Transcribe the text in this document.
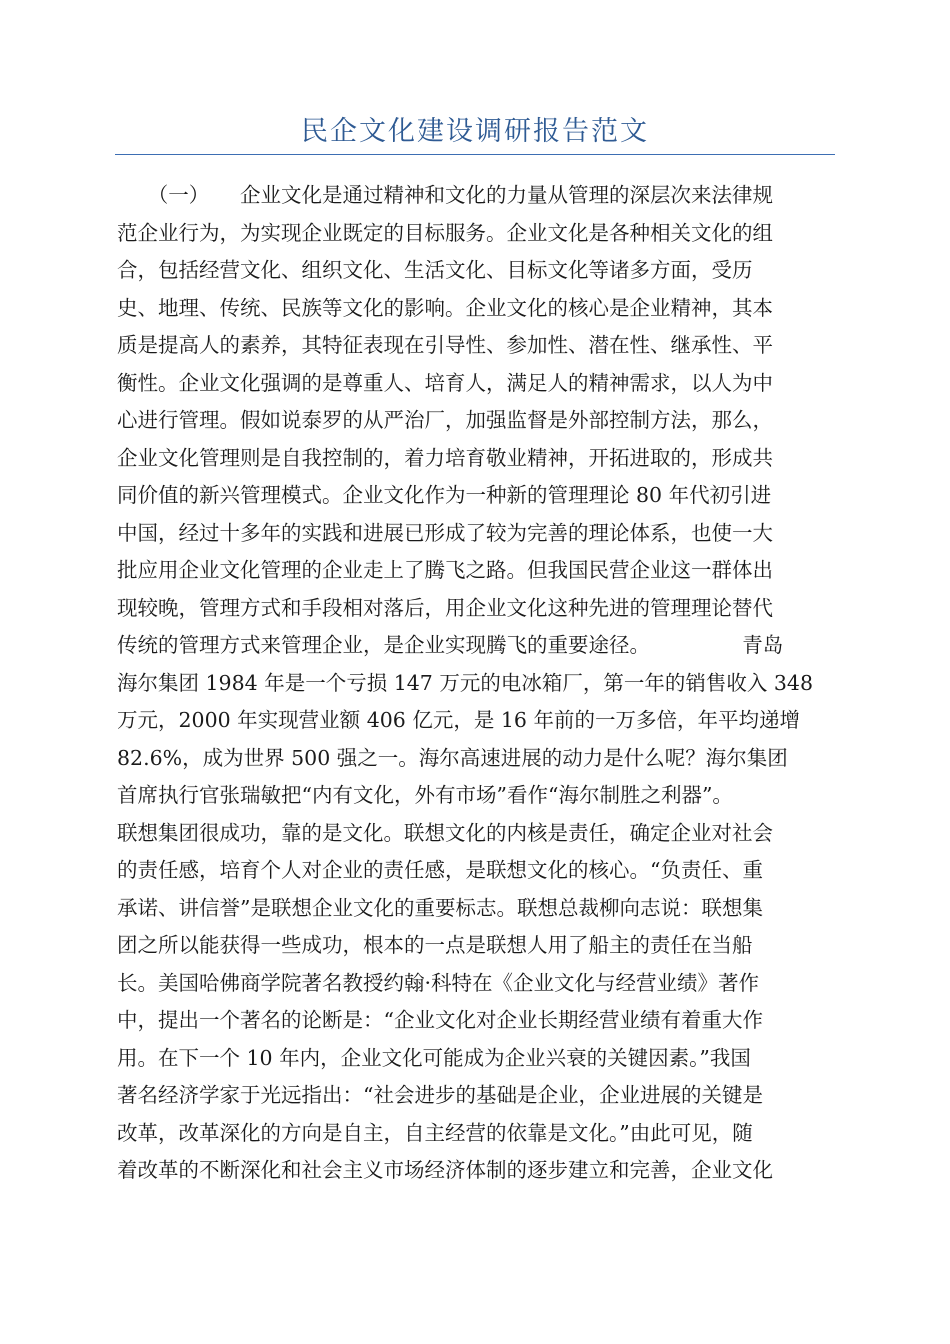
民企文化建设调研报告范文
　　（一）　　企业文化是通过精神和文化的力量从管理的深层次来法律规
范企业行为，为实现企业既定的目标服务。企业文化是各种相关文化的组
合，包括经营文化、组织文化、生活文化、目标文化等诸多方面，受历
史、地理、传统、民族等文化的影响。企业文化的核心是企业精神，其本
质是提高人的素养，其特征表现在引导性、参加性、潜在性、继承性、平
衡性。企业文化强调的是尊重人、培育人，满足人的精神需求，以人为中
心进行管理。假如说泰罗的从严治厂，加强监督是外部控制方法，那么，
企业文化管理则是自我控制的，着力培育敬业精神，开拓进取的，形成共
同价值的新兴管理模式。企业文化作为一种新的管理理论 80 年代初引进
中国，经过十多年的实践和进展已形成了较为完善的理论体系，也使一大
批应用企业文化管理的企业走上了腾飞之路。但我国民营企业这一群体出
现较晚，管理方式和手段相对落后，用企业文化这种先进的管理理论替代
传统的管理方式来管理企业，是企业实现腾飞的重要途径。　　　　　青岛
海尔集团 1984 年是一个亏损 147 万元的电冰箱厂，第一年的销售收入 348
万元，2000 年实现营业额 406 亿元，是 16 年前的一万多倍，年平均递增
82.6%，成为世界 500 强之一。海尔高速进展的动力是什么呢？海尔集团
首席执行官张瑞敏把“内有文化，外有市场”看作“海尔制胜之利器”。
联想集团很成功，靠的是文化。联想文化的内核是责任，确定企业对社会
的责任感，培育个人对企业的责任感，是联想文化的核心。“负责任、重
承诺、讲信誉”是联想企业文化的重要标志。联想总裁柳向志说：联想集
团之所以能获得一些成功，根本的一点是联想人用了船主的责任在当船
长。美国哈佛商学院著名教授约翰·科特在《企业文化与经营业绩》著作
中，提出一个著名的论断是：“企业文化对企业长期经营业绩有着重大作
用。在下一个 10 年内，企业文化可能成为企业兴衰的关键因素。”我国
著名经济学家于光远指出：“社会进步的基础是企业，企业进展的关键是
改革，改革深化的方向是自主，自主经营的依靠是文化。”由此可见，随
着改革的不断深化和社会主义市场经济体制的逐步建立和完善，企业文化
